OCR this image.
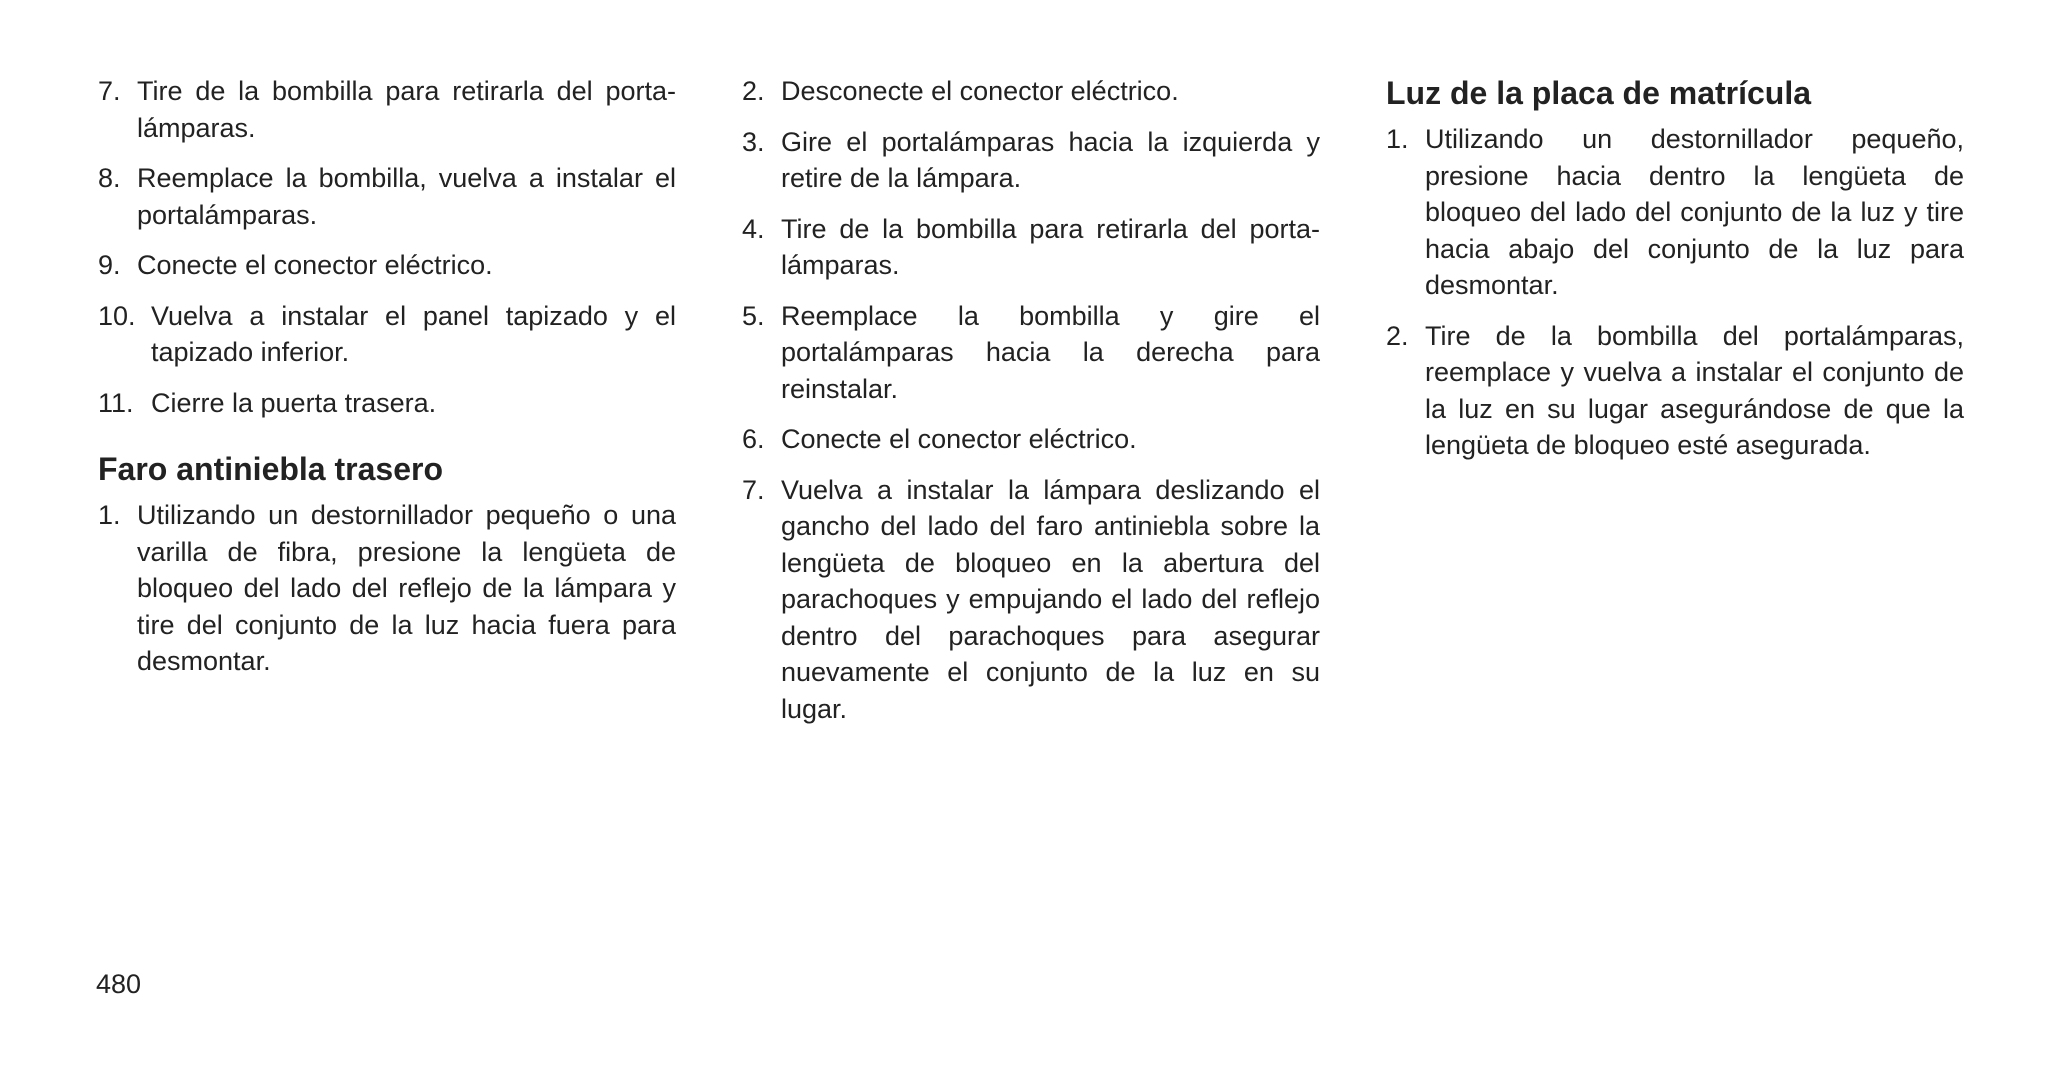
7. Tire de la bombilla para retirarla del porta-lámparas.
8. Reemplace la bombilla, vuelva a instalar el portalámparas.
9. Conecte el conector eléctrico.
10. Vuelva a instalar el panel tapizado y el tapizado inferior.
11. Cierre la puerta trasera.
Faro antiniebla trasero
1. Utilizando un destornillador pequeño o una varilla de fibra, presione la lengüeta de bloqueo del lado del reflejo de la lámpara y tire del conjunto de la luz hacia fuera para desmontar.
2. Desconecte el conector eléctrico.
3. Gire el portalámparas hacia la izquierda y retire de la lámpara.
4. Tire de la bombilla para retirarla del porta-lámparas.
5. Reemplace la bombilla y gire el portalámparas hacia la derecha para reinstalar.
6. Conecte el conector eléctrico.
7. Vuelva a instalar la lámpara deslizando el gancho del lado del faro antiniebla sobre la lengüeta de bloqueo en la abertura del parachoques y empujando el lado del reflejo dentro del parachoques para asegurar nuevamente el conjunto de la luz en su lugar.
Luz de la placa de matrícula
1. Utilizando un destornillador pequeño, presione hacia dentro la lengüeta de bloqueo del lado del conjunto de la luz y tire hacia abajo del conjunto de la luz para desmontar.
2. Tire de la bombilla del portalámparas, reemplace y vuelva a instalar el conjunto de la luz en su lugar asegurándose de que la lengüeta de bloqueo esté asegurada.
480
